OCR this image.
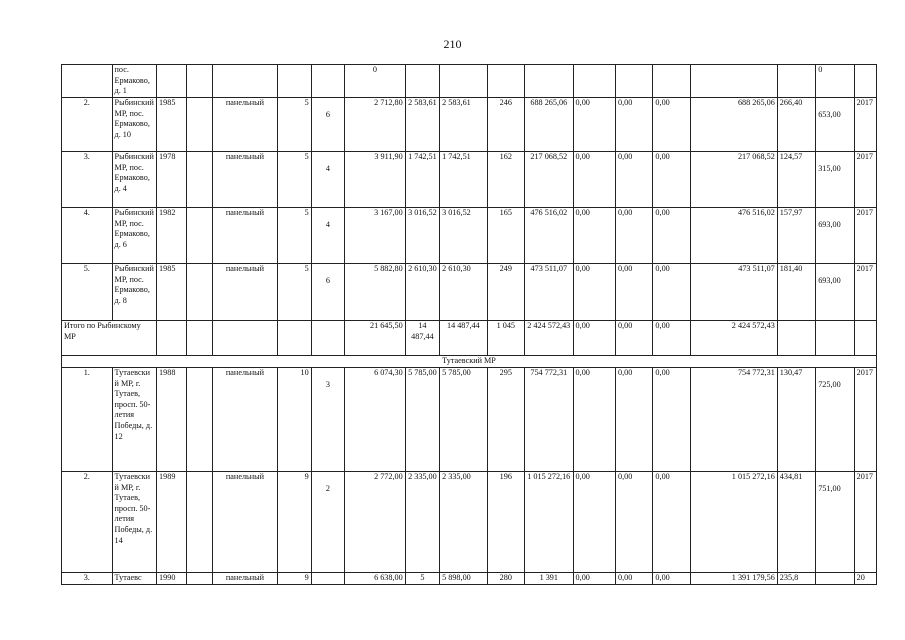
210
	пос. Ермаково, д. 1						0										0	
2.	Рыбинский МР, пос. Ермаково, д. 10	1985		панельный	5	6	2 712,80	2 583,61	2 583,61	246	688 265,06	0,00	0,00	0,00	688 265,06	266,40	653,00	2017
3.	Рыбинский МР, пос. Ермаково, д. 4	1978		панельный	5	4	3 911,90	1 742,51	1 742,51	162	217 068,52	0,00	0,00	0,00	217 068,52	124,57	315,00	2017
4.	Рыбинский МР, пос. Ермаково, д. 6	1982		панельный	5	4	3 167,00	3 016,52	3 016,52	165	476 516,02	0,00	0,00	0,00	476 516,02	157,97	693,00	2017
5.	Рыбинский МР, пос. Ермаково, д. 8	1985		панельный	5	6	5 882,80	2 610,30	2 610,30	249	473 511,07	0,00	0,00	0,00	473 511,07	181,40	693,00	2017
Итого по Рыбинскому МР							21 645,50	14 487,44	14 487,44	1 045	2 424 572,43	0,00	0,00	0,00	2 424 572,43			
Тутаевский МР																		
1.	Тутаевский МР, г. Тутаев, просп. 50-летия Победы, д. 12	1988		панельный	10	3	6 074,30	5 785,00	5 785,00	295	754 772,31	0,00	0,00	0,00	754 772,31	130,47	725,00	2017
2.	Тутаевский МР, г. Тутаев, просп. 50-летия Победы, д. 14	1989		панельный	9	2	2 772,00	2 335,00	2 335,00	196	1 015 272,16	0,00	0,00	0,00	1 015 272,16	434,81	751,00	2017
3.	Тутаевс	1990		панельный	9		6 638,00	5	5 898,00	280	1 391	0,00	0,00	0,00	1 391 179,56	235,8		20
